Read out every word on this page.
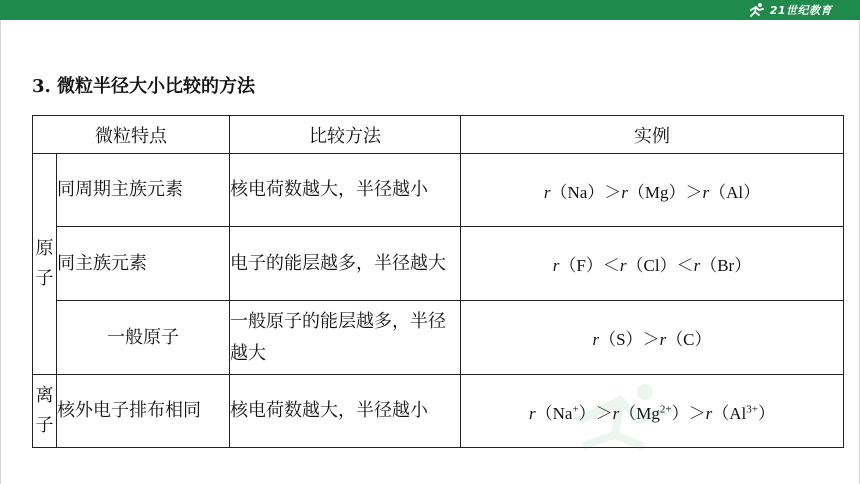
21世纪教育
3. 微粒半径大小比较的方法
微粒特点		比较方法	实例
原子	同周期主族元素	核电荷数越大，半径越小	r（Na）＞r（Mg）＞r（Al）
	同主族元素	电子的能层越多，半径越大	r（F）＜r（Cl）＜r（Br）
	一般原子	一般原子的能层越多，半径越大	r（S）＞r（C）
离子	核外电子排布相同	核电荷数越大，半径越小	$r(Na^+)>r(Mg^{2+})>r(Al^{3+})$
